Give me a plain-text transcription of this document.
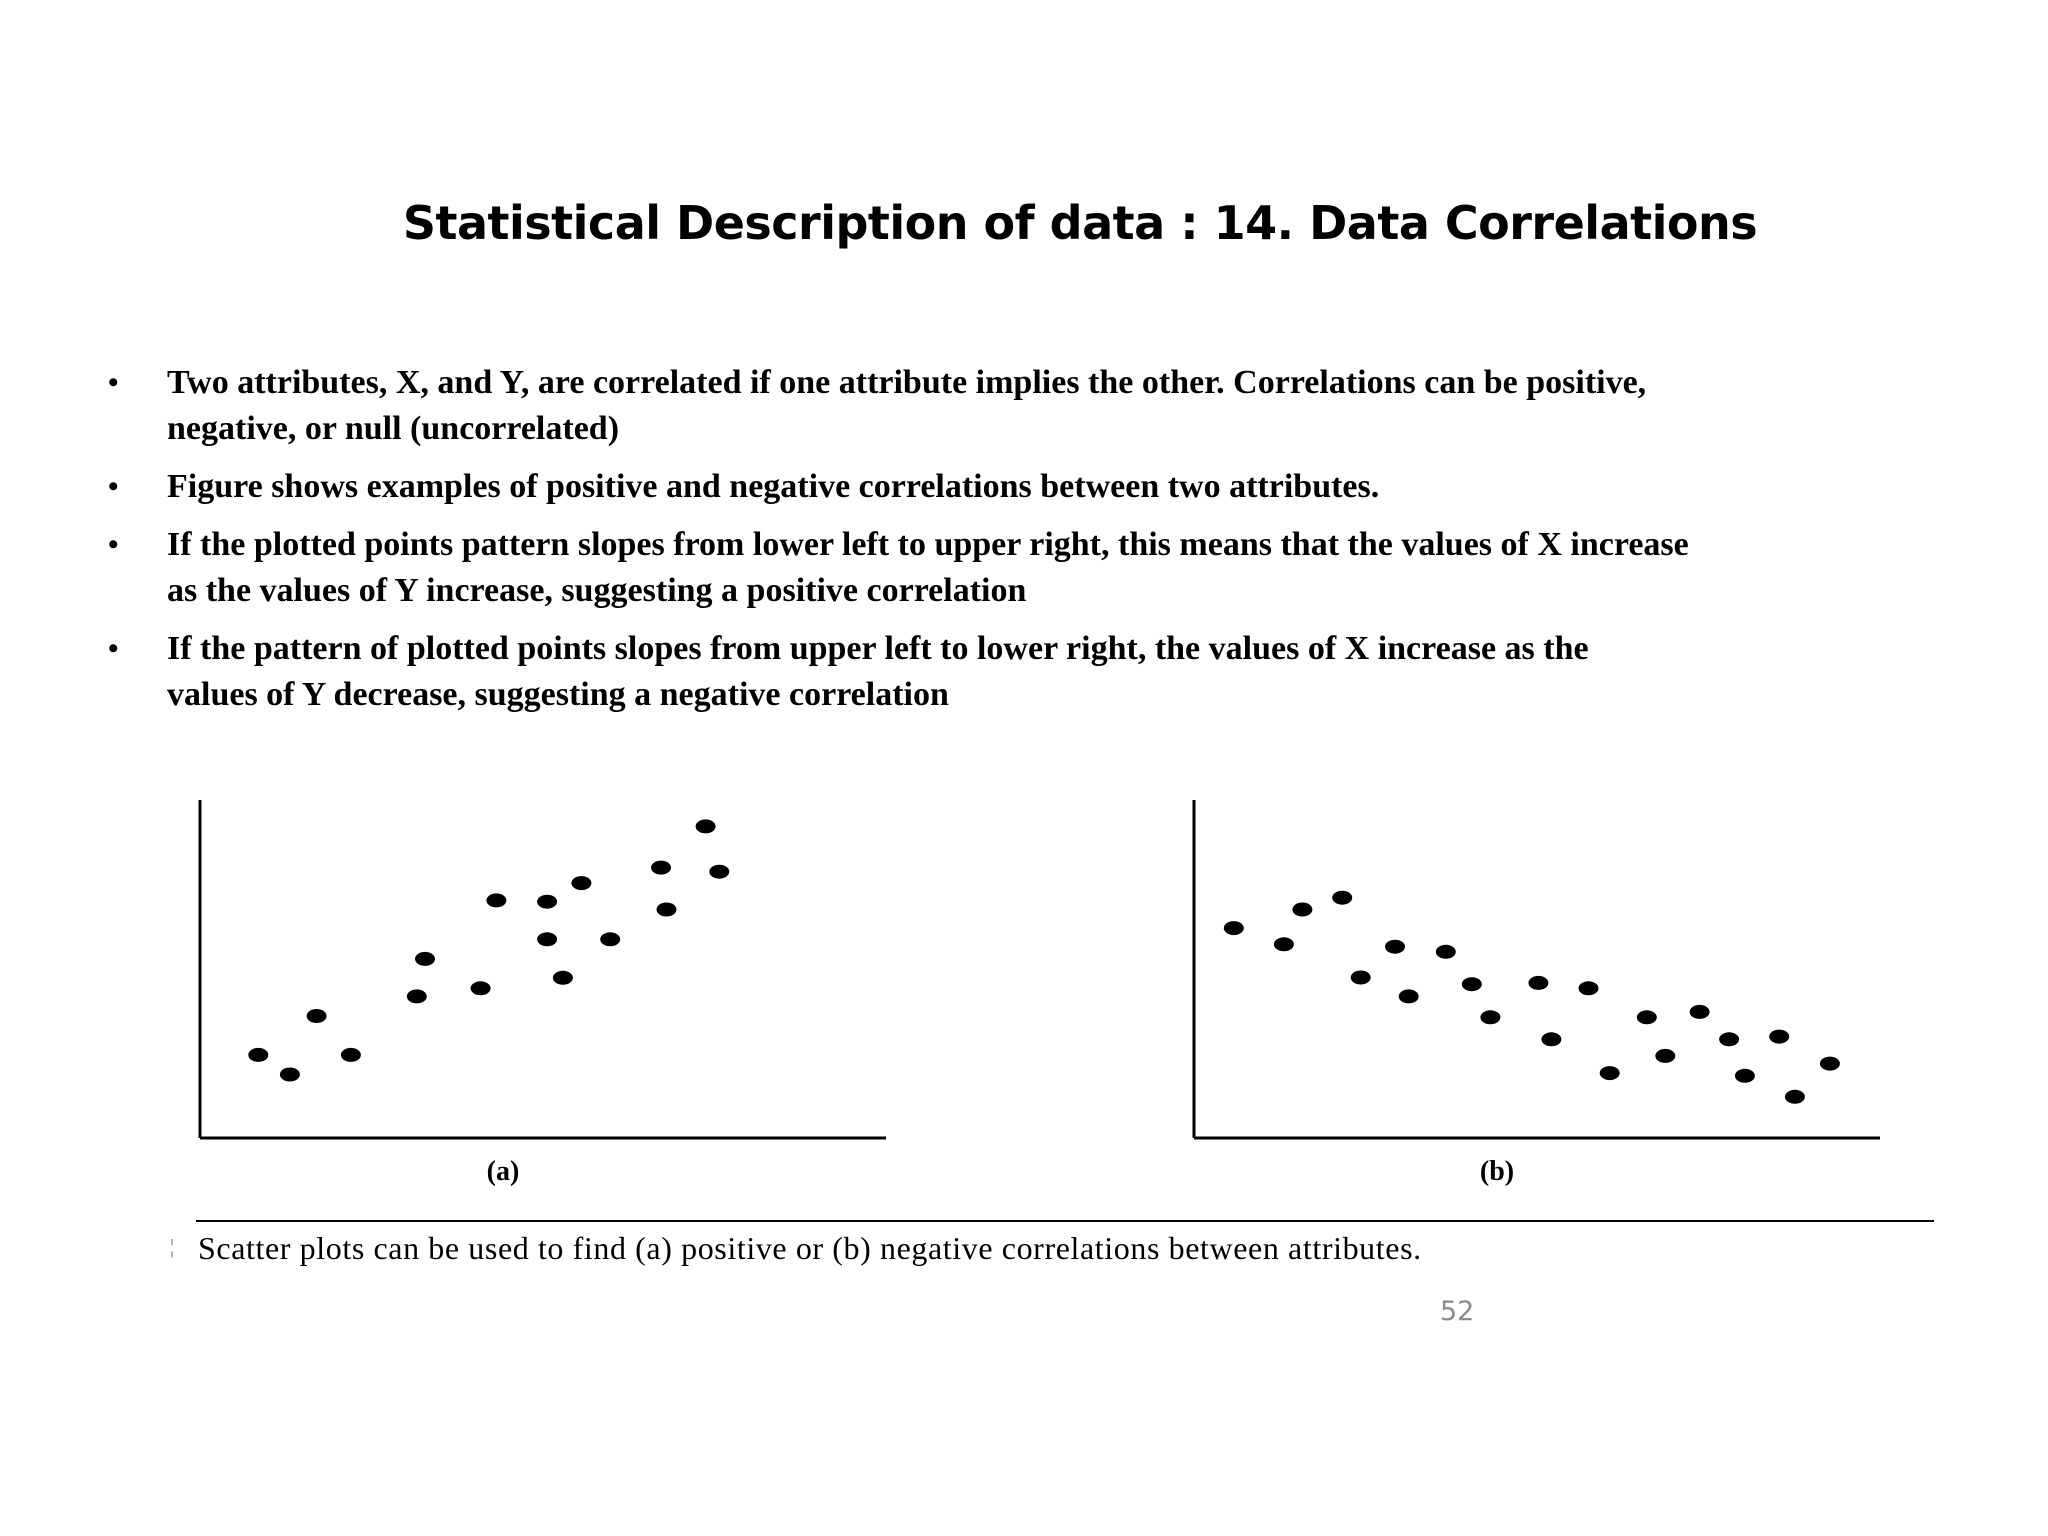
Statistical Description of data : 14. Data Correlations
• Two attributes, X, and Y, are correlated if one attribute implies the other. Correlations can be positive,
negative, or null (uncorrelated)
• Figure shows examples of positive and negative correlations between two attributes.
• If the plotted points pattern slopes from lower left to upper right, this means that the values of X increase
as the values of Y increase, suggesting a positive correlation
• If the pattern of plotted points slopes from upper left to lower right, the values of X increase as the
values of Y decrease, suggesting a negative correlation
(a)	(b)
¦ Scatter plots can be used to find (a) positive or (b) negative correlations between attributes.
52
